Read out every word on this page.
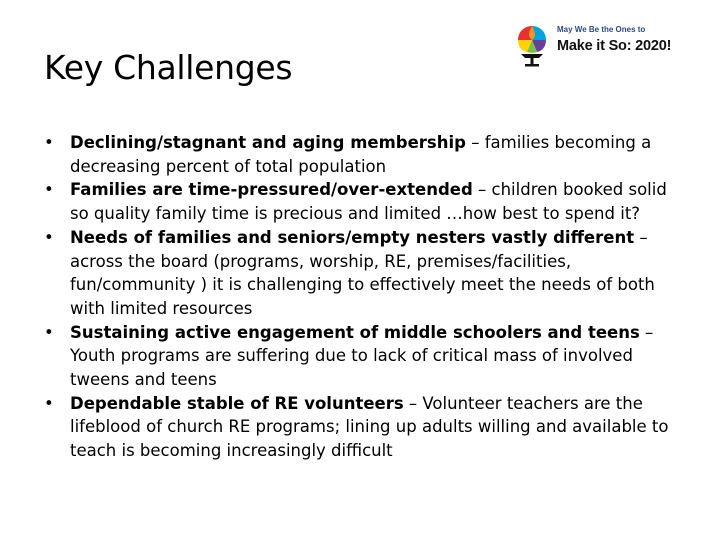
Key Challenges
May We Be the Ones to
Make it So: 2020!
• Declining/stagnant and aging membership – families becoming a decreasing percent of total population
• Families are time-pressured/over-extended – children booked solid so quality family time is precious and limited …how best to spend it?
• Needs of families and seniors/empty nesters vastly different – across the board (programs, worship, RE, premises/facilities, fun/community ) it is challenging to effectively meet the needs of both with limited resources
• Sustaining active engagement of middle schoolers and teens – Youth programs are suffering due to lack of critical mass of involved tweens and teens
• Dependable stable of RE volunteers – Volunteer teachers are the lifeblood of church RE programs; lining up adults willing and available to teach is becoming increasingly difficult
